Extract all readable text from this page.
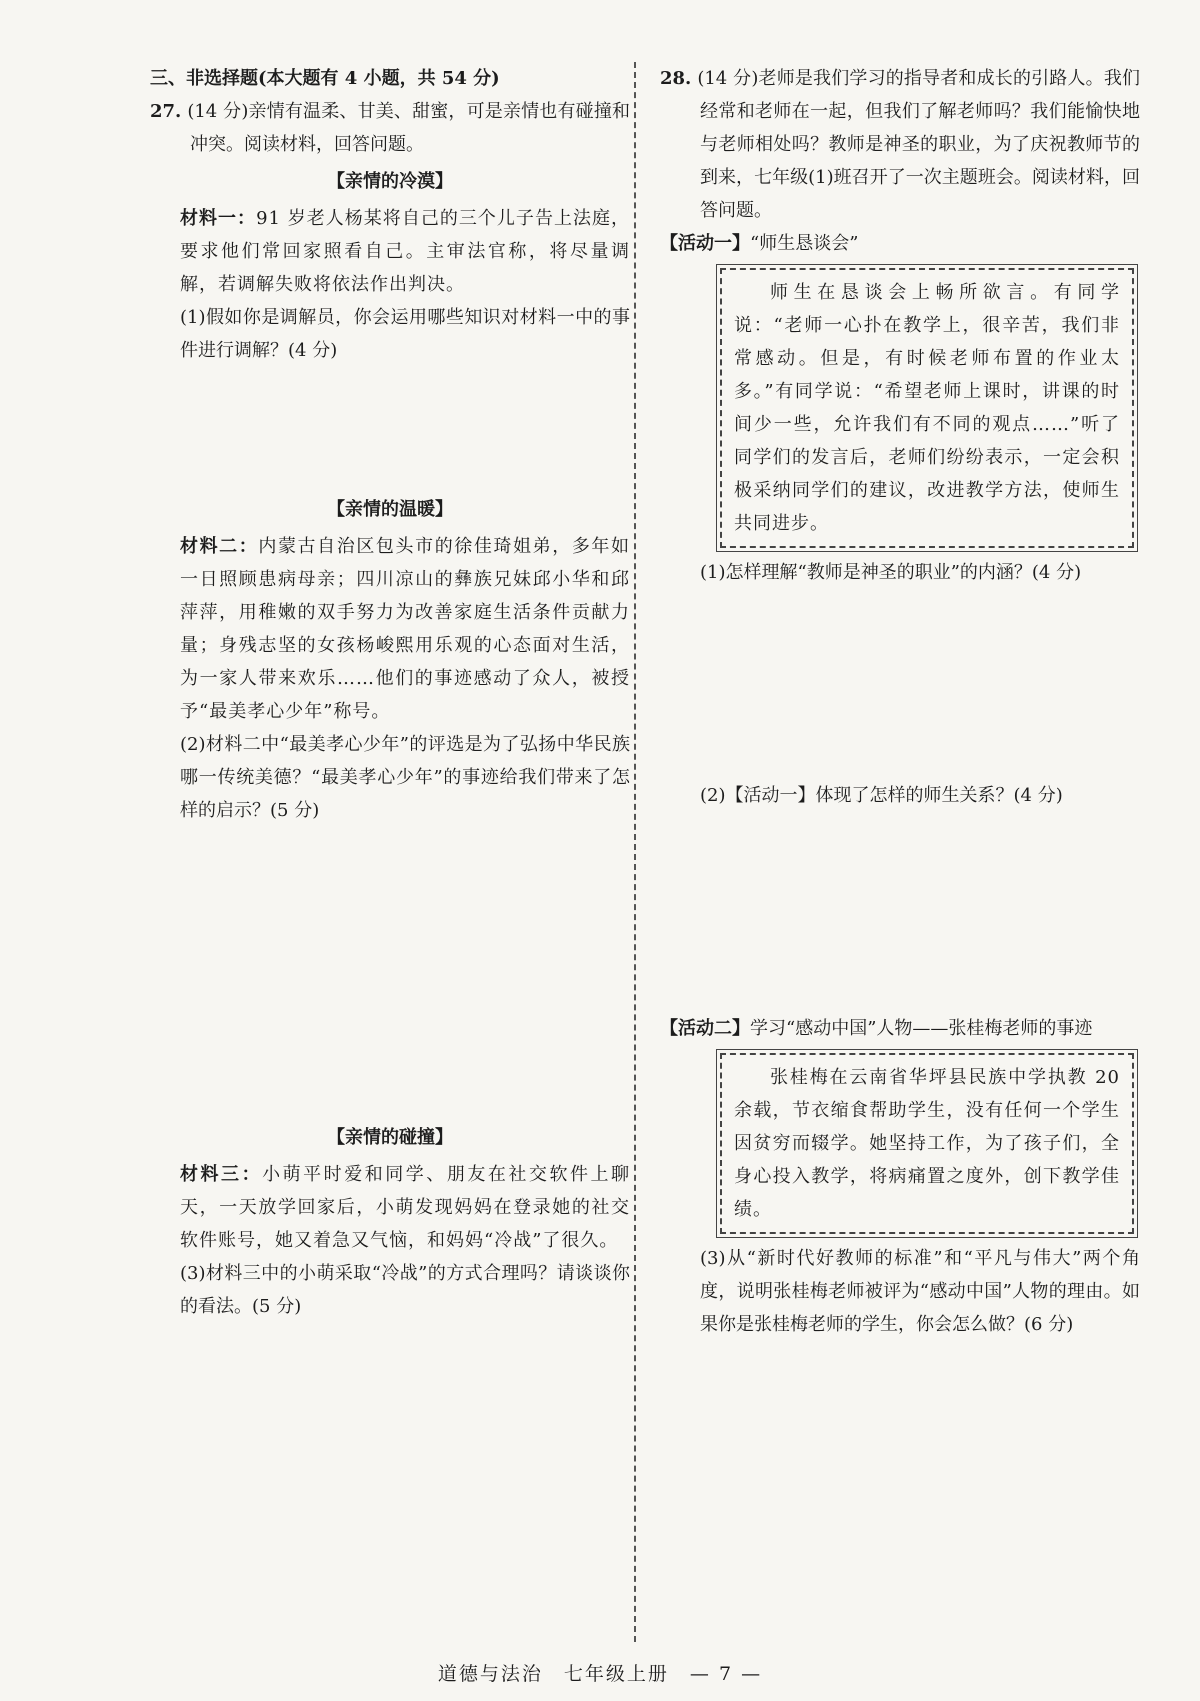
三、非选择题(本大题有 4 小题，共 54 分)

27. (14 分)亲情有温柔、甘美、甜蜜，可是亲情也有碰撞和冲突。阅读材料，回答问题。

【亲情的冷漠】

材料一：91 岁老人杨某将自己的三个儿子告上法庭，要求他们常回家照看自己。主审法官称，将尽量调解，若调解失败将依法作出判决。

(1)假如你是调解员，你会运用哪些知识对材料一中的事件进行调解？(4 分)

【亲情的温暖】

材料二：内蒙古自治区包头市的徐佳琦姐弟，多年如一日照顾患病母亲；四川凉山的彝族兄妹邱小华和邱萍萍，用稚嫩的双手努力为改善家庭生活条件贡献力量；身残志坚的女孩杨峻熙用乐观的心态面对生活，为一家人带来欢乐……他们的事迹感动了众人，被授予“最美孝心少年”称号。

(2)材料二中“最美孝心少年”的评选是为了弘扬中华民族哪一传统美德？“最美孝心少年”的事迹给我们带来了怎样的启示？(5 分)

【亲情的碰撞】

材料三：小萌平时爱和同学、朋友在社交软件上聊天，一天放学回家后，小萌发现妈妈在登录她的社交软件账号，她又着急又气恼，和妈妈“冷战”了很久。

(3)材料三中的小萌采取“冷战”的方式合理吗？请谈谈你的看法。(5 分)

28. (14 分)老师是我们学习的指导者和成长的引路人。我们经常和老师在一起，但我们了解老师吗？我们能愉快地与老师相处吗？教师是神圣的职业，为了庆祝教师节的到来，七年级(1)班召开了一次主题班会。阅读材料，回答问题。

【活动一】“师生恳谈会”

师生在恳谈会上畅所欲言。有同学说：“老师一心扑在教学上，很辛苦，我们非常感动。但是，有时候老师布置的作业太多。”有同学说：“希望老师上课时，讲课的时间少一些，允许我们有不同的观点……”听了同学们的发言后，老师们纷纷表示，一定会积极采纳同学们的建议，改进教学方法，使师生共同进步。

(1)怎样理解“教师是神圣的职业”的内涵？(4 分)

(2)【活动一】体现了怎样的师生关系？(4 分)

【活动二】学习“感动中国”人物——张桂梅老师的事迹

张桂梅在云南省华坪县民族中学执教 20 余载，节衣缩食帮助学生，没有任何一个学生因贫穷而辍学。她坚持工作，为了孩子们，全身心投入教学，将病痛置之度外，创下教学佳绩。

(3)从“新时代好教师的标准”和“平凡与伟大”两个角度，说明张桂梅老师被评为“感动中国”人物的理由。如果你是张桂梅老师的学生，你会怎么做？(6 分)

道德与法治　七年级上册　— 7 —
